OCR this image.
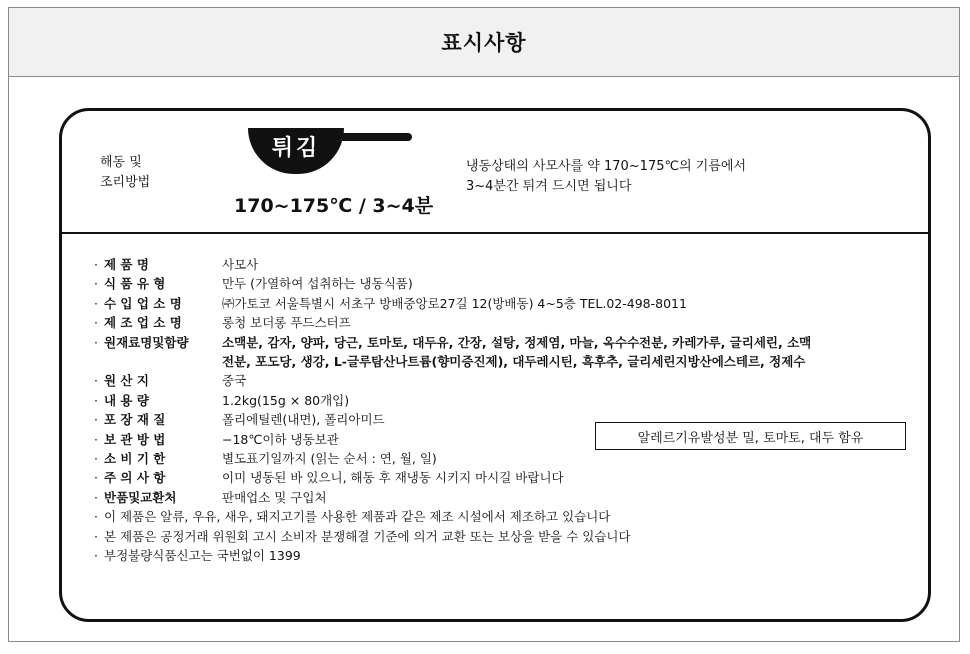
표시사항
해동 및
조리방법
튀김
170~175℃ / 3~4분
냉동상태의 사모사를 약 170~175℃의 기름에서
3~4분간 튀겨 드시면 됩니다
· 제 품 명	사모사
· 식 품 유 형	만두 (가열하여 섭취하는 냉동식품)
· 수 입 업 소 명	㈜가토코 서울특별시 서초구 방배중앙로27길 12(방배동) 4~5층 TEL.02-498-8011
· 제 조 업 소 명	롱청 보더롱 푸드스터프
· 원재료명및함량	소맥분, 감자, 양파, 당근, 토마토, 대두유, 간장, 설탕, 정제염, 마늘, 옥수수전분, 카레가루, 글리세린, 소맥전분, 포도당, 생강, L-글루탐산나트륨(향미증진제), 대두레시틴, 흑후추, 글리세린지방산에스테르, 정제수
· 원 산 지	중국
· 내 용 량	1.2kg(15g × 80개입)
· 포 장 재 질	폴리에틸렌(내면), 폴리아미드
· 보 관 방 법	−18℃이하 냉동보관
· 소 비 기 한	별도표기일까지 (읽는 순서 : 연, 월, 일)
· 주 의 사 항	이미 냉동된 바 있으니, 해동 후 재냉동 시키지 마시길 바랍니다
· 반품및교환처	판매업소 및 구입처
· 이 제품은 알류, 우유, 새우, 돼지고기를 사용한 제품과 같은 제조 시설에서 제조하고 있습니다
· 본 제품은 공정거래 위원회 고시 소비자 분쟁해결 기준에 의거 교환 또는 보상을 받을 수 있습니다
· 부정불량식품신고는 국번없이 1399
알레르기유발성분 밀, 토마토, 대두 함유
